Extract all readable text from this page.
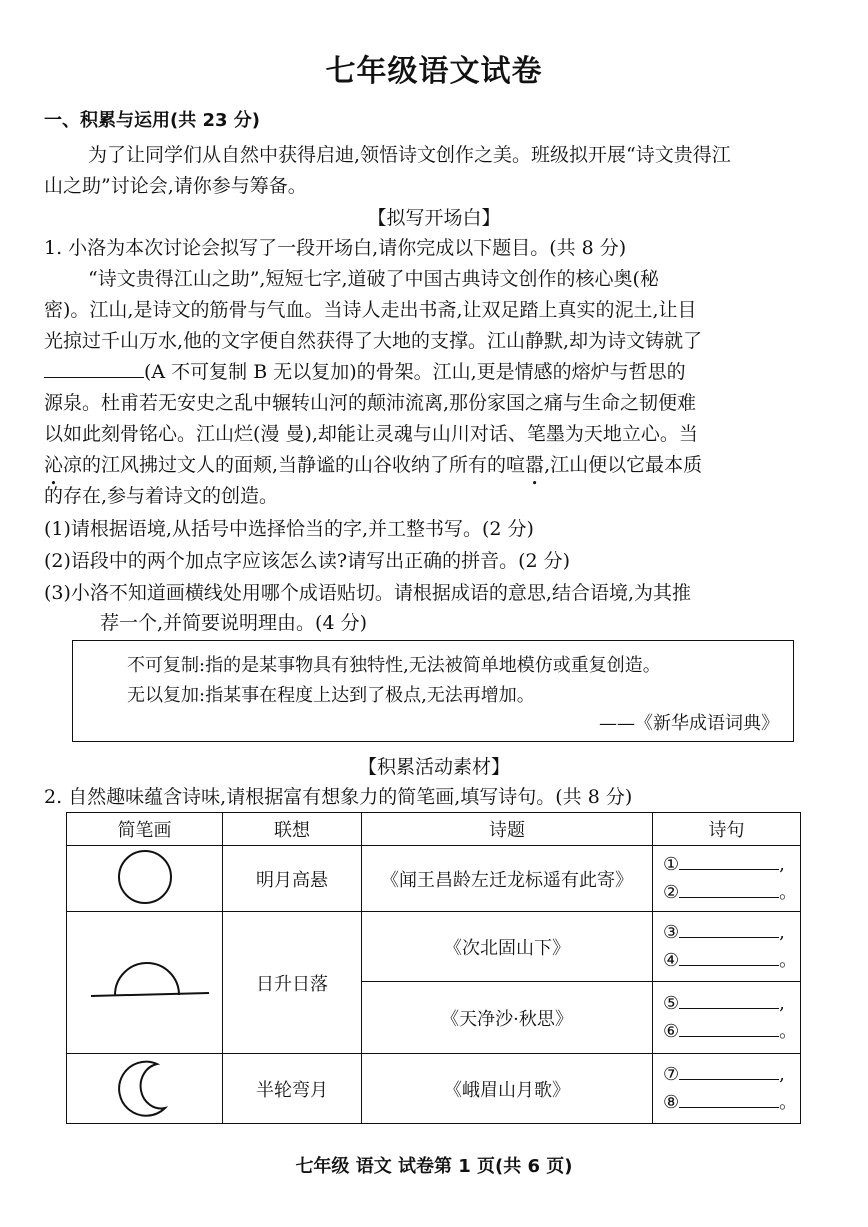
七年级语文试卷
一、积累与运用(共 23 分)
为了让同学们从自然中获得启迪,领悟诗文创作之美。班级拟开展“诗文贵得江
山之助”讨论会,请你参与筹备。
【拟写开场白】
1. 小洛为本次讨论会拟写了一段开场白,请你完成以下题目。(共 8 分)
“诗文贵得江山之助”,短短七字,道破了中国古典诗文创作的核心奥(秘
密)。江山,是诗文的筋骨与气血。当诗人走出书斋,让双足踏上真实的泥土,让目
光掠过千山万水,他的文字便自然获得了大地的支撑。江山静默,却为诗文铸就了
(A 不可复制 B 无以复加)的骨架。江山,更是情感的熔炉与哲思的
源泉。杜甫若无安史之乱中辗转山河的颠沛流离,那份家国之痛与生命之韧便难
以如此刻骨铭心。江山烂(漫 曼),却能让灵魂与山川对话、笔墨为天地立心。当
沁凉的江风拂过文人的面颊,当静谧的山谷收纳了所有的喧嚣,江山便以它最本质
的存在,参与着诗文的创造。
(1)请根据语境,从括号中选择恰当的字,并工整书写。(2 分)
(2)语段中的两个加点字应该怎么读?请写出正确的拼音。(2 分)
(3)小洛不知道画横线处用哪个成语贴切。请根据成语的意思,结合语境,为其推
荐一个,并简要说明理由。(4 分)
不可复制:指的是某事物具有独特性,无法被简单地模仿或重复创造。
无以复加:指某事在程度上达到了极点,无法再增加。
——《新华成语词典》
【积累活动素材】
2. 自然趣味蕴含诗味,请根据富有想象力的简笔画,填写诗句。(共 8 分)
简笔画	联想	诗题	诗句
	明月高悬	《闻王昌龄左迁龙标遥有此寄》	① ,
② 。

	日升日落	《次北固山下》	③ ,
④ 。

		《天净沙·秋思》	⑤ ,
⑥ 。

	半轮弯月	《峨眉山月歌》	⑦ ,
⑧ 。
七年级 语文 试卷第 1 页(共 6 页)
